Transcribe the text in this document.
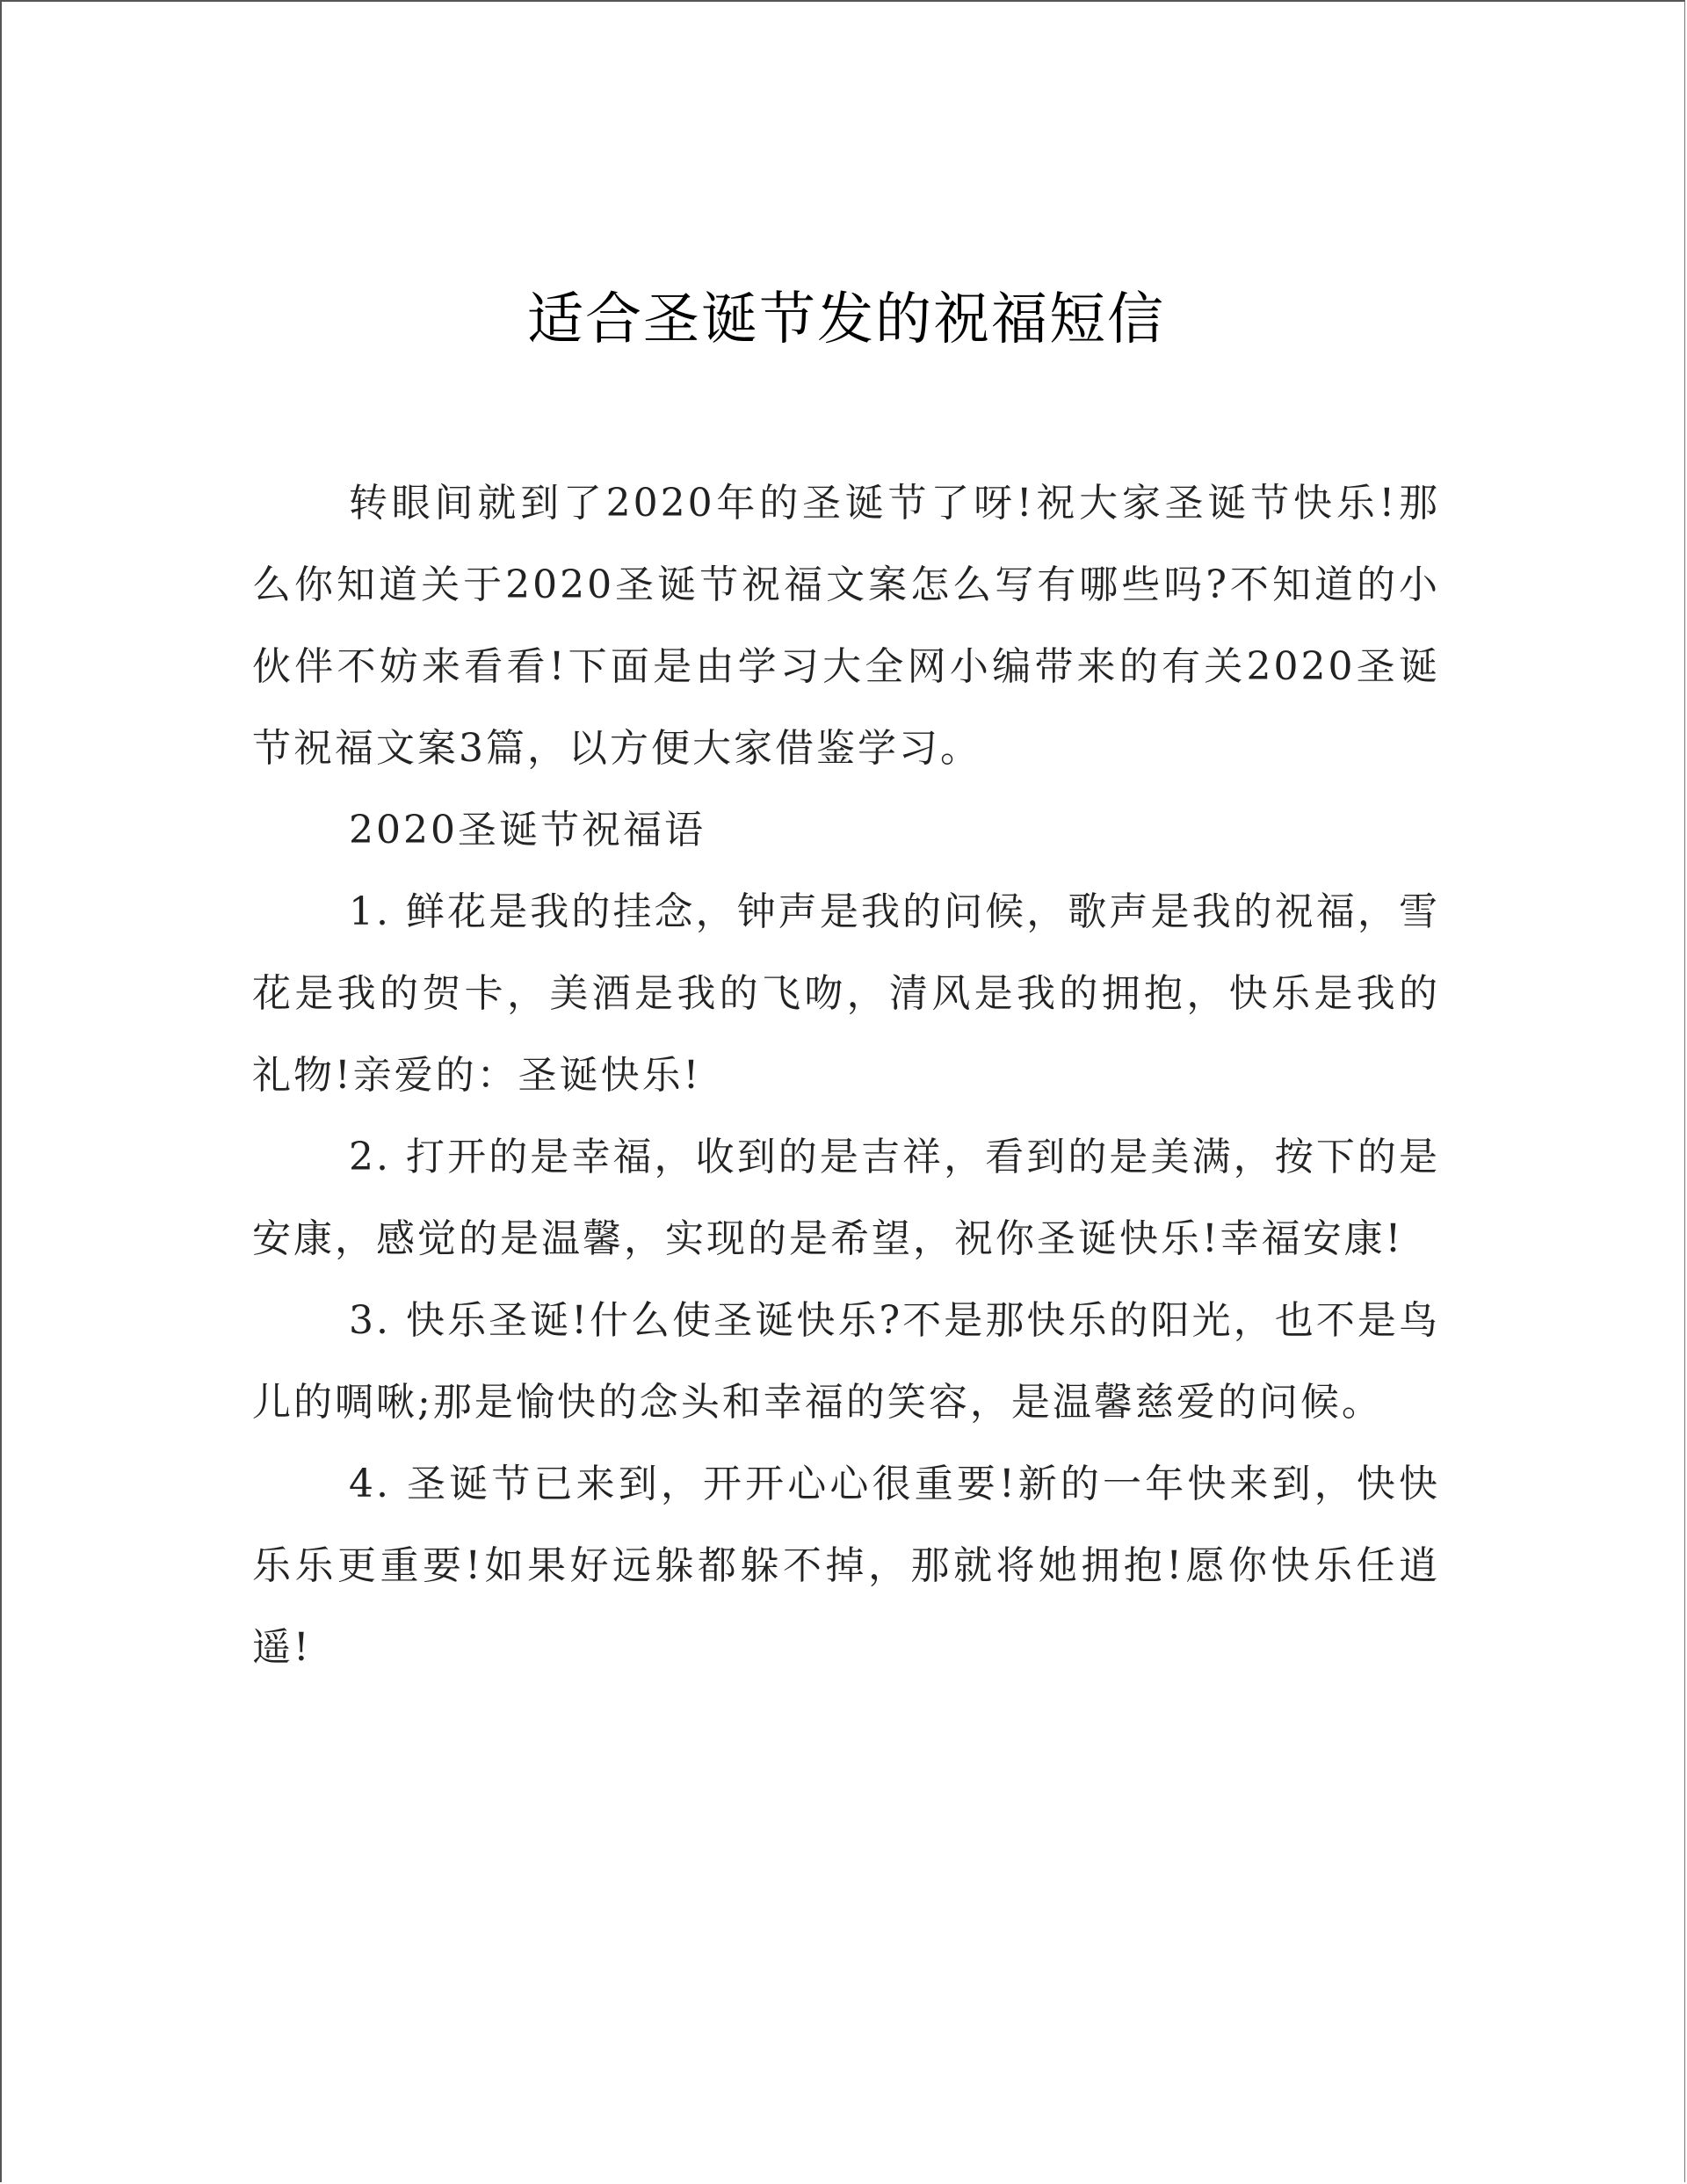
适合圣诞节发的祝福短信

转眼间就到了2020年的圣诞节了呀!祝大家圣诞节快乐!那么你知道关于2020圣诞节祝福文案怎么写有哪些吗?不知道的小伙伴不妨来看看!下面是由学习大全网小编带来的有关2020圣诞节祝福文案3篇，以方便大家借鉴学习。

2020圣诞节祝福语

1. 鲜花是我的挂念，钟声是我的问候，歌声是我的祝福，雪花是我的贺卡，美酒是我的飞吻，清风是我的拥抱，快乐是我的礼物!亲爱的：圣诞快乐!

2. 打开的是幸福，收到的是吉祥，看到的是美满，按下的是安康，感觉的是温馨，实现的是希望，祝你圣诞快乐!幸福安康!

3. 快乐圣诞!什么使圣诞快乐?不是那快乐的阳光，也不是鸟儿的啁啾;那是愉快的念头和幸福的笑容，是温馨慈爱的问候。

4. 圣诞节已来到，开开心心很重要!新的一年快来到，快快乐乐更重要!如果好远躲都躲不掉，那就将她拥抱!愿你快乐任逍遥!
